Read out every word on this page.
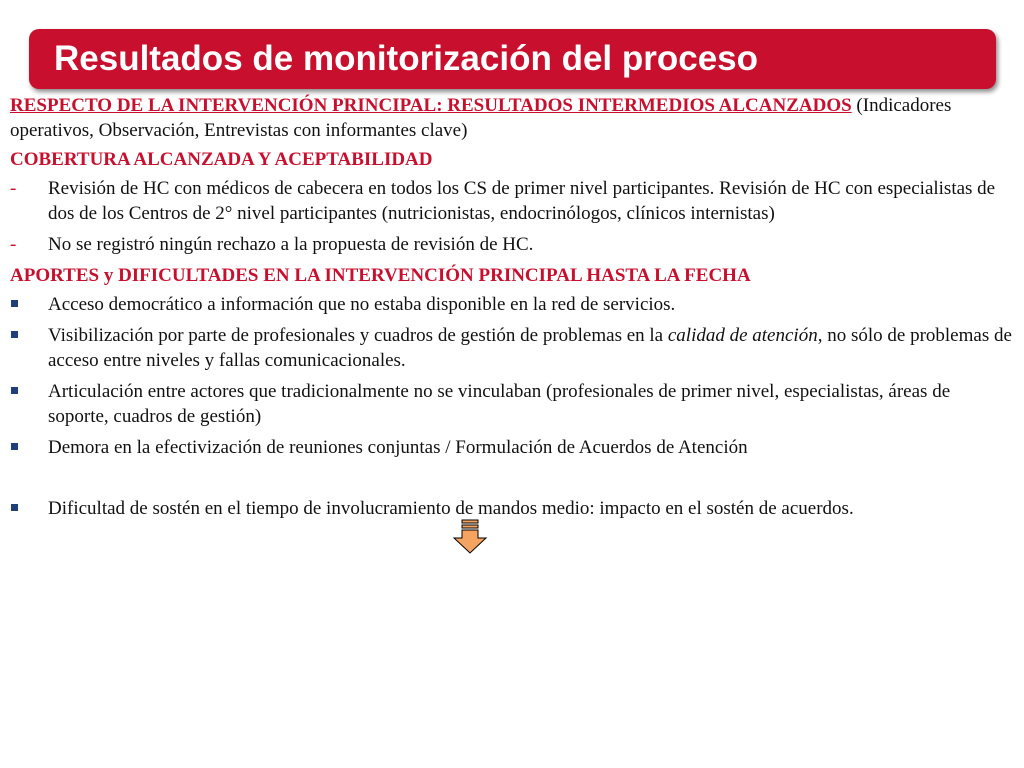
Resultados de monitorización del proceso

RESPECTO DE LA INTERVENCIÓN PRINCIPAL: RESULTADOS INTERMEDIOS ALCANZADOS (Indicadores operativos, Observación, Entrevistas con informantes clave)

COBERTURA ALCANZADA Y ACEPTABILIDAD
-	Revisión de HC con médicos de cabecera en todos los CS de primer nivel participantes. Revisión de HC con especialistas de dos de los Centros de 2° nivel participantes (nutricionistas, endocrinólogos, clínicos internistas)
-	No se registró ningún rechazo a la propuesta de revisión de HC.
APORTES y DIFICULTADES EN LA INTERVENCIÓN PRINCIPAL HASTA LA FECHA
Acceso democrático a información que no estaba disponible en la red de servicios.
Visibilización por parte de profesionales y cuadros de gestión de problemas en la calidad de atención, no sólo de problemas de acceso entre niveles y fallas comunicacionales.
Articulación entre actores que tradicionalmente no se vinculaban (profesionales de primer nivel, especialistas, áreas de soporte, cuadros de gestión)
Demora en la efectivización de reuniones conjuntas / Formulación de Acuerdos de Atención
Dificultad de sostén en el tiempo de involucramiento de mandos medio: impacto en el sostén de acuerdos.
